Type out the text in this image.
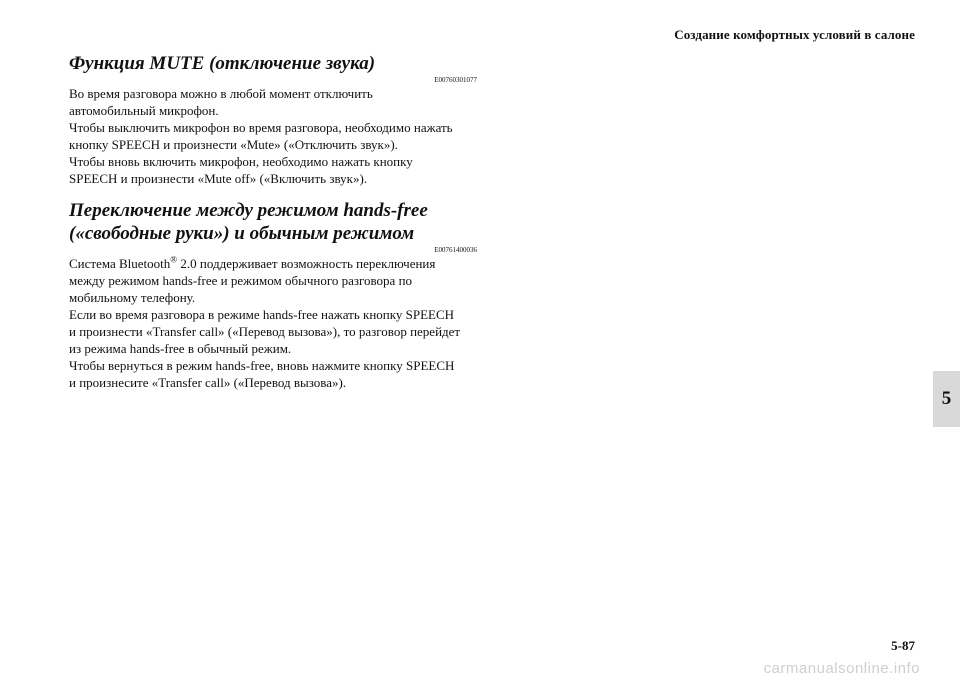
Создание комфортных условий в салоне
Функция MUTE (отключение звука)
E00760301077

Во время разговора можно в любой момент отключить

автомобильный микрофон.

Чтобы выключить микрофон во время разговора, необходимо нажать

кнопку SPEECH и произнести «Mute» («Отключить звук»).

Чтобы вновь включить микрофон, необходимо нажать кнопку

SPEECH и произнести «Mute off» («Включить звук»).

Переключение между режимом hands-free
(«свободные руки») и обычным режимом
E00761400036

Система Bluetooth® 2.0 поддерживает возможность переключения

между режимом hands-free и режимом обычного разговора по

мобильному телефону.

Если во время разговора в режиме hands-free нажать кнопку SPEECH

и произнести «Transfer call» («Перевод вызова»), то разговор перейдет

из режима hands-free в обычный режим.

Чтобы вернуться в режим hands-free, вновь нажмите кнопку SPEECH

и произнесите «Transfer call» («Перевод вызова»).

5
5-87
carmanualsonline.info
